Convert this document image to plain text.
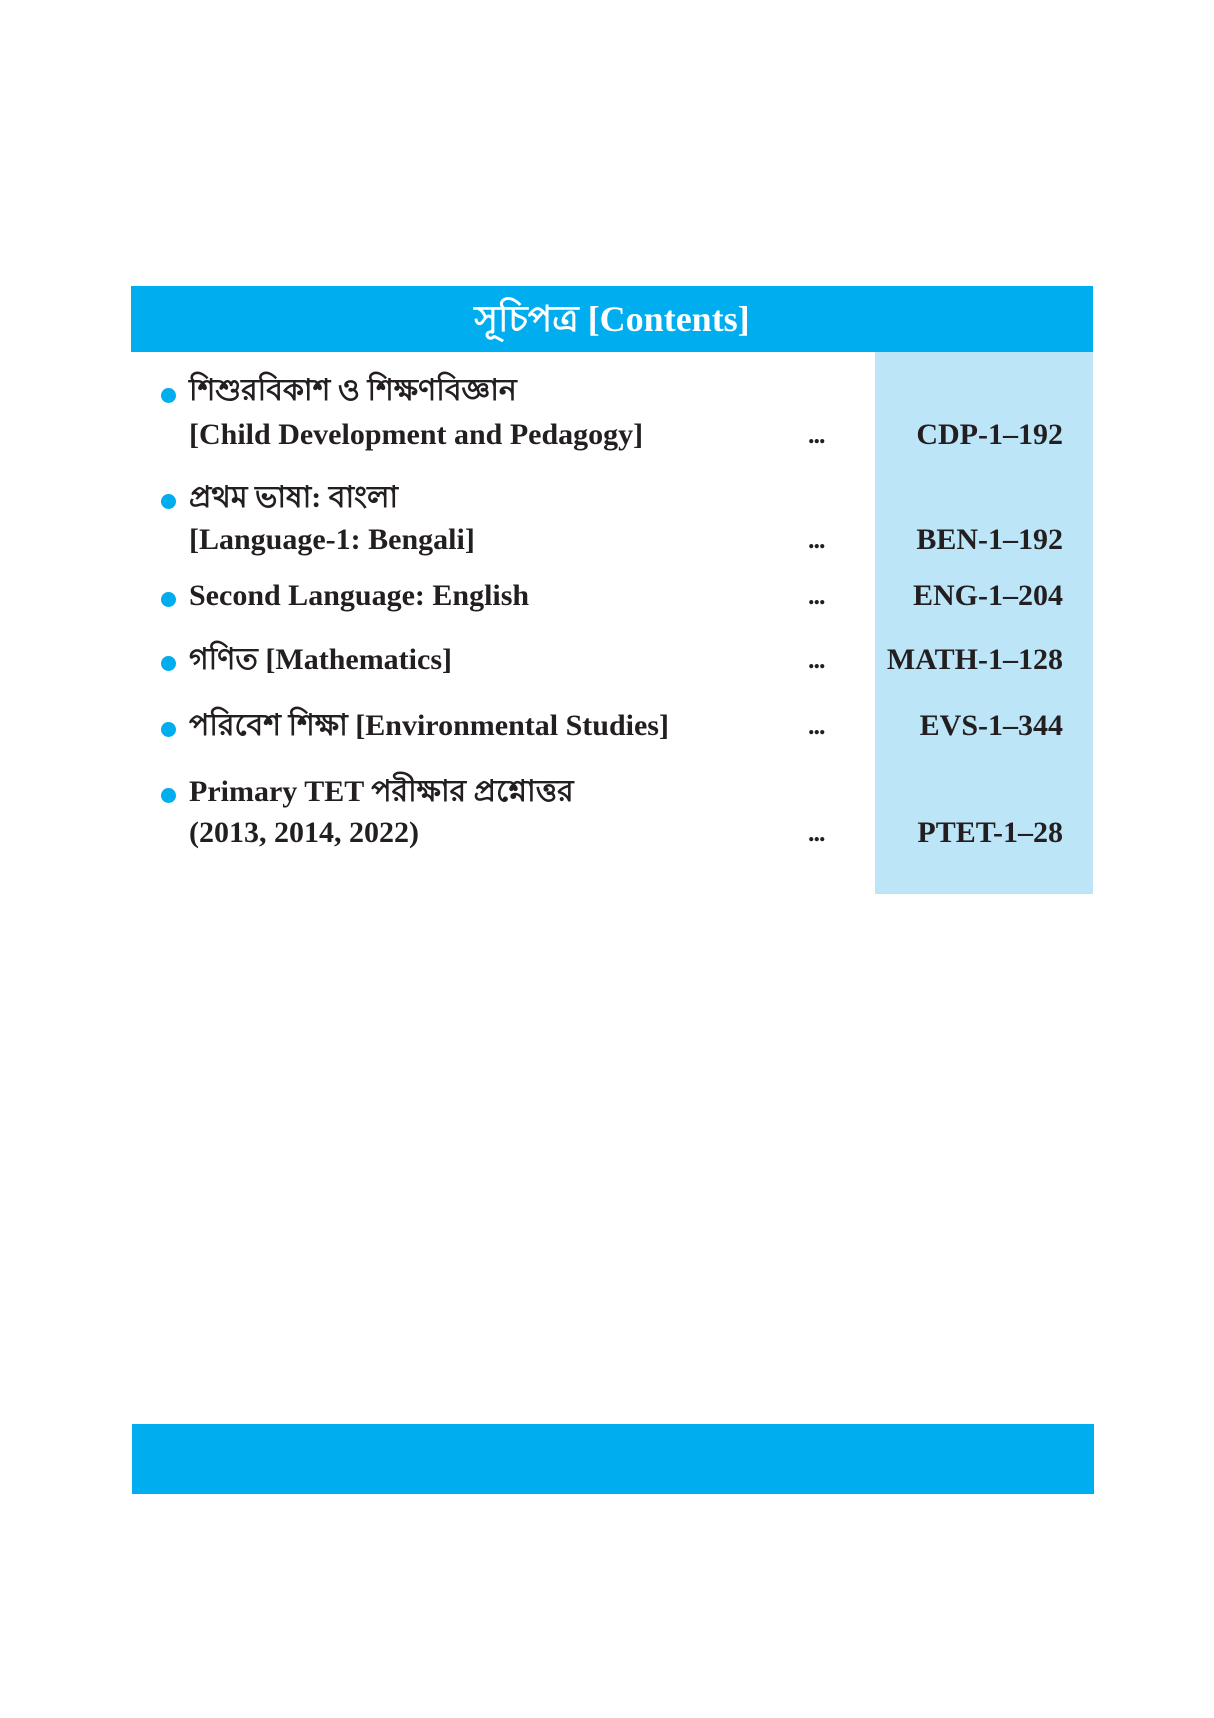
সূচিপত্র [Contents]
শিশুরবিকাশ ও শিক্ষণবিজ্ঞান
[Child Development and Pedagogy]	...	CDP-1–192
প্রথম ভাষা: বাংলা
[Language-1: Bengali]	...	BEN-1–192
Second Language: English	...	ENG-1–204
গণিত [Mathematics]	... MATH-1–128
পরিবেশ শিক্ষা [Environmental Studies]	...	EVS-1–344
Primary TET পরীক্ষার প্রশ্নোত্তর
(2013, 2014, 2022)	...	PTET-1–28
